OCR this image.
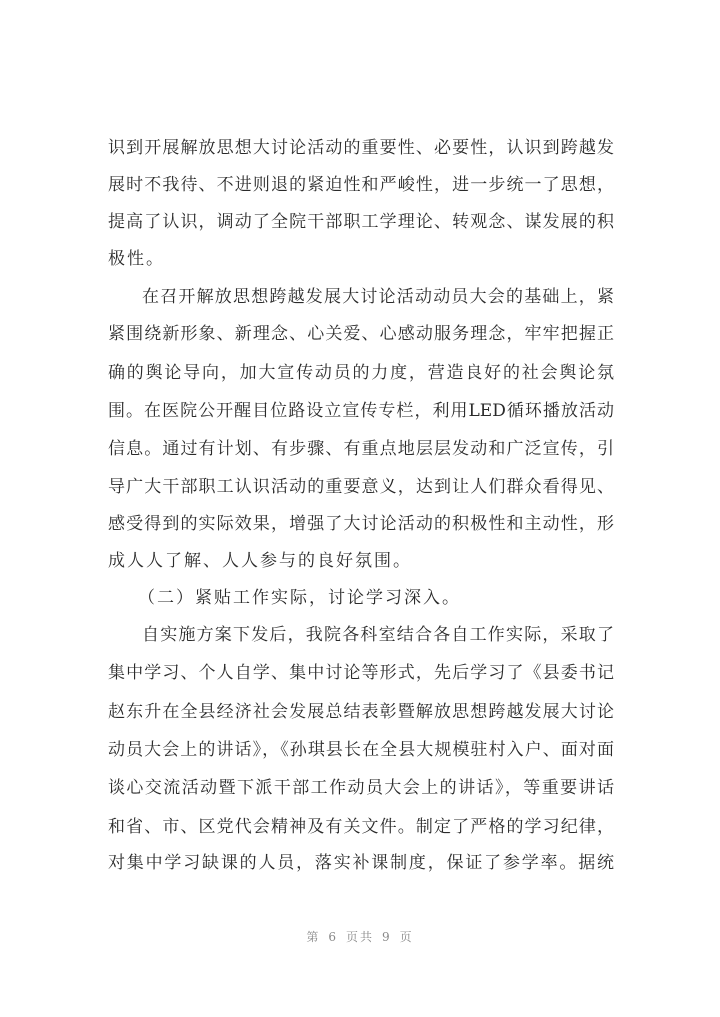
识到开展解放思想大讨论活动的重要性、必要性，认识到跨越发
展时不我待、不进则退的紧迫性和严峻性，进一步统一了思想，
提高了认识，调动了全院干部职工学理论、转观念、谋发展的积
极性。
在召开解放思想跨越发展大讨论活动动员大会的基础上，紧
紧围绕新形象、新理念、心关爱、心感动服务理念，牢牢把握正
确的舆论导向，加大宣传动员的力度，营造良好的社会舆论氛
围。在医院公开醒目位路设立宣传专栏，利用LED循环播放活动
信息。通过有计划、有步骤、有重点地层层发动和广泛宣传，引
导广大干部职工认识活动的重要意义，达到让人们群众看得见、
感受得到的实际效果，增强了大讨论活动的积极性和主动性，形
成人人了解、人人参与的良好氛围。
（二）紧贴工作实际，讨论学习深入。
自实施方案下发后，我院各科室结合各自工作实际，采取了
集中学习、个人自学、集中讨论等形式，先后学习了《县委书记
赵东升在全县经济社会发展总结表彰暨解放思想跨越发展大讨论
动员大会上的讲话》，《孙琪县长在全县大规模驻村入户、面对面
谈心交流活动暨下派干部工作动员大会上的讲话》，等重要讲话
和省、市、区党代会精神及有关文件。制定了严格的学习纪律，
对集中学习缺课的人员，落实补课制度，保证了参学率。据统
第 6 页共 9 页
